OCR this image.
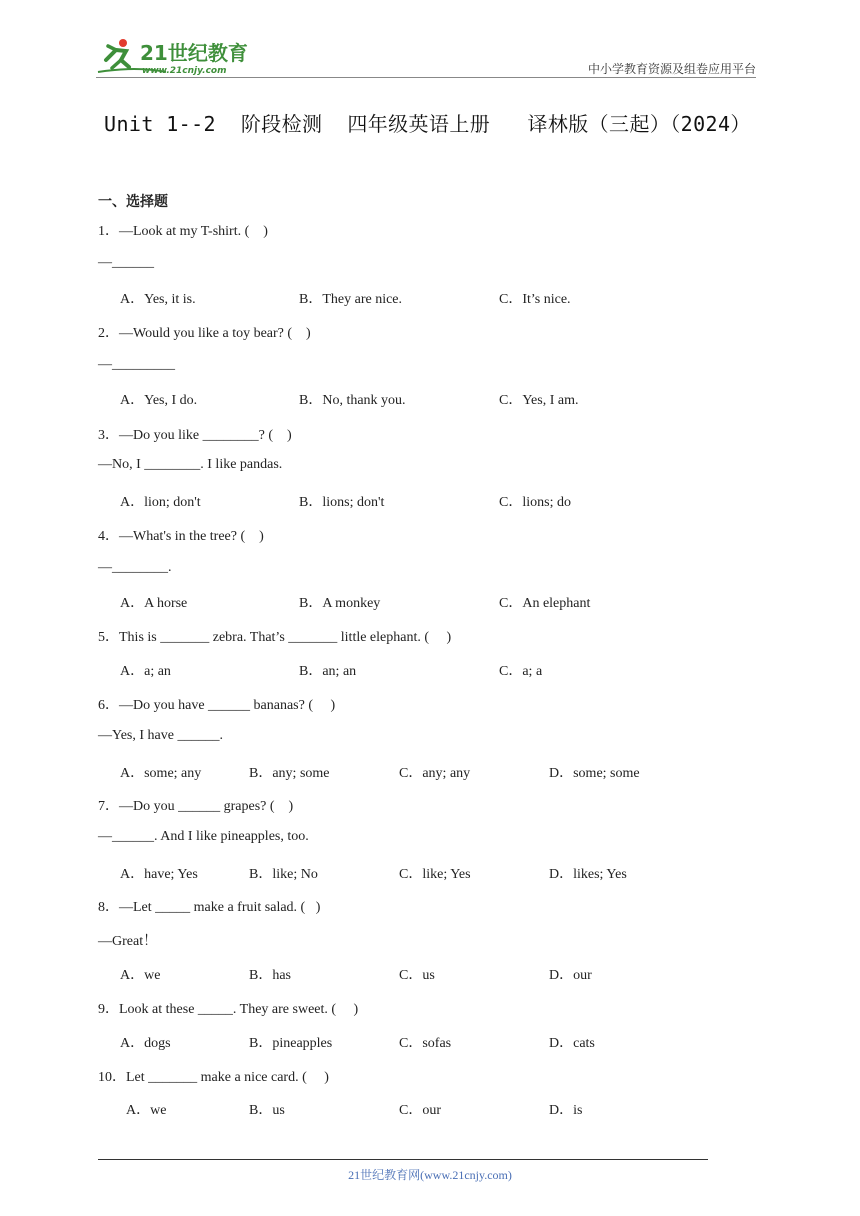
21世纪教育
www.21cnjy.com	中小学教育资源及组卷应用平台
Unit 1--2  阶段检测  四年级英语上册   译林版（三起）（2024）
一、选择题
1．—Look at my T-shirt. (    )
—______
A．Yes, it is.	B．They are nice.	C．It’s nice.
2．—Would you like a toy bear? (    )
—_________
A．Yes, I do.	B．No, thank you.	C．Yes, I am.
3．—Do you like ________? (    )
—No, I ________. I like pandas.
A．lion; don't	B．lions; don't	C．lions; do
4．—What's in the tree? (    )
—________.
A．A horse	B．A monkey	C．An elephant
5．This is _______ zebra. That’s _______ little elephant. (     )
A．a; an	B．an; an	C．a; a
6．—Do you have ______ bananas? (     )
—Yes, I have ______.
A．some; any	B．any; some	C．any; any	D．some; some
7．—Do you ______ grapes? (    )
—______. And I like pineapples, too.
A．have; Yes	B．like; No	C．like; Yes	D．likes; Yes
8．—Let _____ make a fruit salad. (   )
—Great！
A．we	B．has	C．us	D．our
9．Look at these _____. They are sweet. (     )
A．dogs	B．pineapples	C．sofas	D．cats
10．Let _______ make a nice card. (     )
A．we	B．us	C．our	D．is
21世纪教育网(www.21cnjy.com)
